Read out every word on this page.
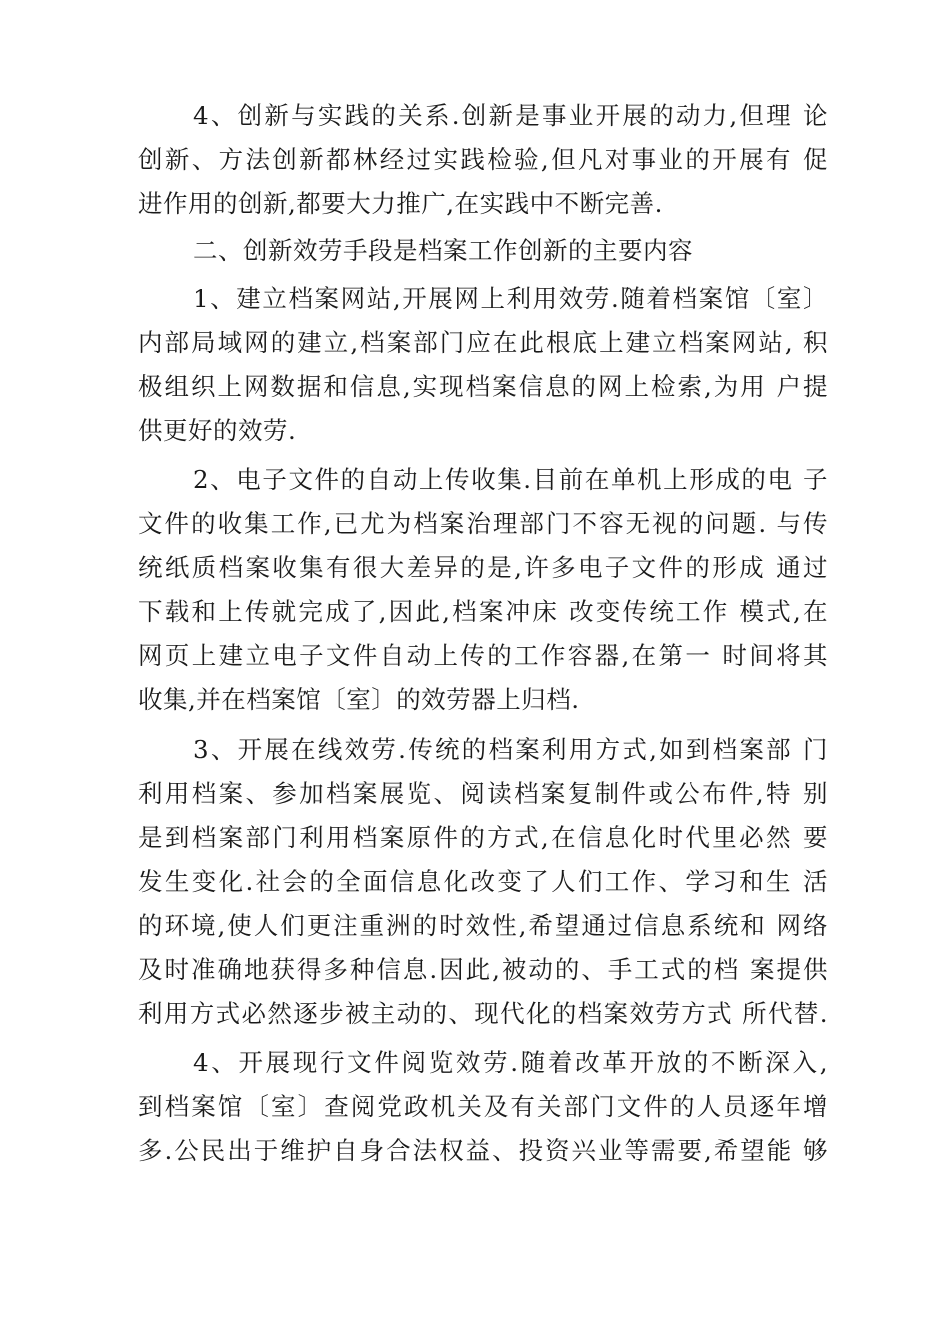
4、创新与实践的关系.创新是事业开展的动力,但理 论
创新、方法创新都林经过实践检验,但凡对事业的开展有 促
进作用的创新,都要大力推广,在实践中不断完善.
二、创新效劳手段是档案工作创新的主要内容
1、建立档案网站,开展网上利用效劳.随着档案馆〔室〕
内部局域网的建立,档案部门应在此根底上建立档案网站, 积
极组织上网数据和信息,实现档案信息的网上检索,为用 户提
供更好的效劳.
2、电子文件的自动上传收集.目前在单机上形成的电 子
文件的收集工作,已尤为档案治理部门不容无视的问题. 与传
统纸质档案收集有很大差异的是,许多电子文件的形成 通过
下载和上传就完成了,因此,档案冲床 改变传统工作 模式,在
网页上建立电子文件自动上传的工作容器,在第一 时间将其
收集,并在档案馆〔室〕的效劳器上归档.
3、开展在线效劳.传统的档案利用方式,如到档案部 门
利用档案、参加档案展览、阅读档案复制件或公布件,特 别
是到档案部门利用档案原件的方式,在信息化时代里必然 要
发生变化.社会的全面信息化改变了人们工作、学习和生 活
的环境,使人们更注重洲的时效性,希望通过信息系统和 网络
及时准确地获得多种信息.因此,被动的、手工式的档 案提供
利用方式必然逐步被主动的、现代化的档案效劳方式 所代替.
4、开展现行文件阅览效劳.随着改革开放的不断深入,
到档案馆〔室〕查阅党政机关及有关部门文件的人员逐年增
多.公民出于维护自身合法权益、投资兴业等需要,希望能 够
